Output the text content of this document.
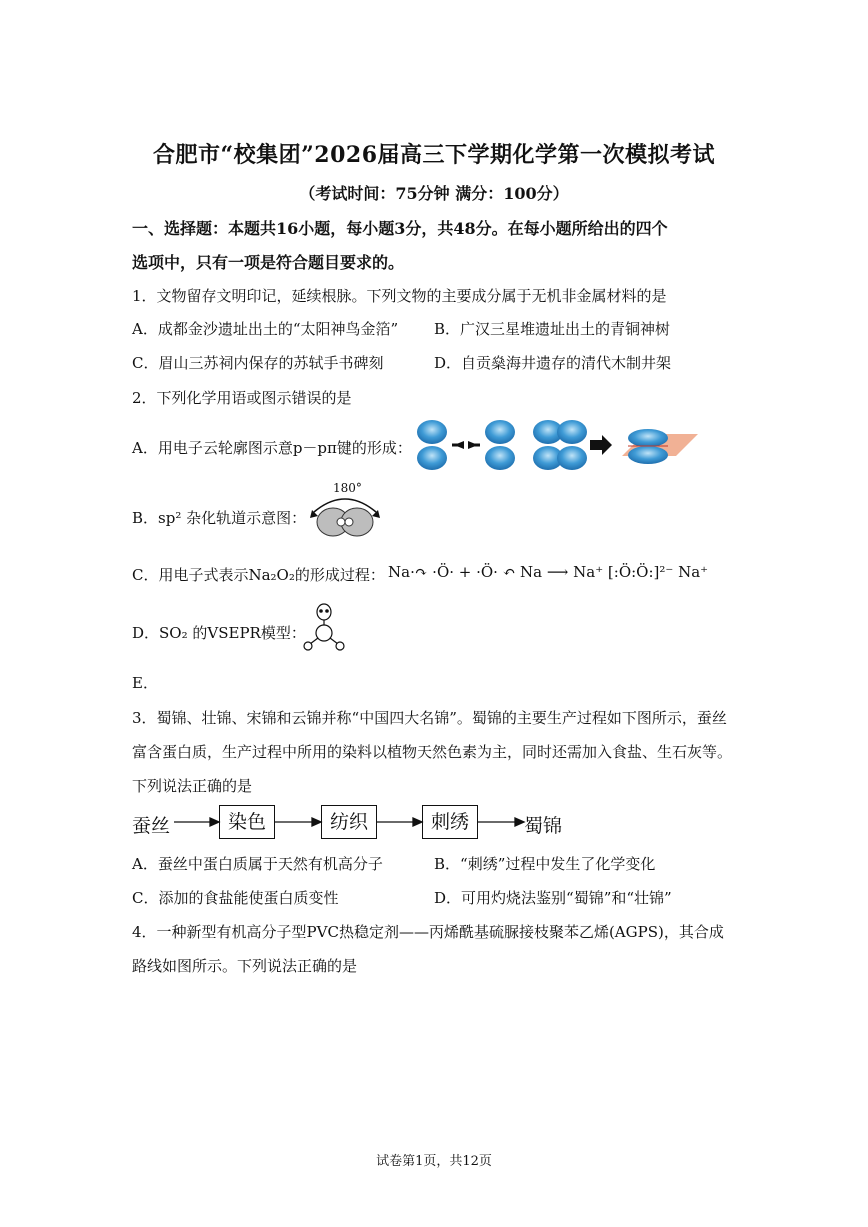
合肥市“校集团”2026届高三下学期化学第一次模拟考试
（考试时间：75分钟 满分：100分）
一、选择题：本题共16小题，每小题3分，共48分。在每小题所给出的四个
选项中，只有一项是符合题目要求的。
1．文物留存文明印记，延续根脉。下列文物的主要成分属于无机非金属材料的是
A．成都金沙遗址出土的“太阳神鸟金箔” B．广汉三星堆遗址出土的青铜神树
C．眉山三苏祠内保存的苏轼手书碑刻	D．自贡燊海井遗存的清代木制井架
2．下列化学用语或图示错误的是
A．用电子云轮廓图示意p－pπ键的形成：
B．sp² 杂化轨道示意图：
180°
C．用电子式表示Na₂O₂的形成过程： Na·↷ ·Ö· + ·Ö· ↶ Na ⟶ Na⁺ [:Ö:Ö:]²⁻ Na⁺
D．SO₂ 的VSEPR模型：
E．
3．蜀锦、壮锦、宋锦和云锦并称“中国四大名锦”。蜀锦的主要生产过程如下图所示，蚕丝
富含蛋白质，生产过程中所用的染料以植物天然色素为主，同时还需加入食盐、生石灰等。
下列说法正确的是
蚕丝	染色	纺织	刺绣	蜀锦
A．蚕丝中蛋白质属于天然有机高分子	B．“刺绣”过程中发生了化学变化
C．添加的食盐能使蛋白质变性	D．可用灼烧法鉴别“蜀锦”和“壮锦”
4．一种新型有机高分子型PVC热稳定剂——丙烯酰基硫脲接枝聚苯乙烯(AGPS)，其合成
路线如图所示。下列说法正确的是
试卷第1页，共12页
